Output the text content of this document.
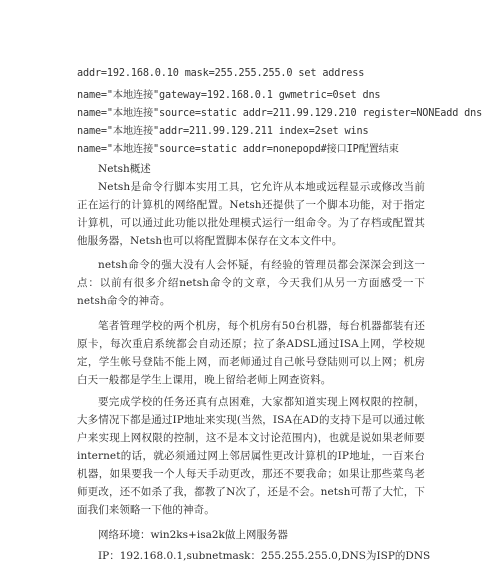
addr=192.168.0.10 mask=255.255.255.0 set address
name="本地连接"gateway=192.168.0.1 gwmetric=0set dns
name="本地连接"source=static addr=211.99.129.210 register=NONEadd dns
name="本地连接"addr=211.99.129.211 index=2set wins
name="本地连接"source=static addr=nonepopd#接口IP配置结束
Netsh概述
Netsh是命令行脚本实用工具，它允许从本地或远程显示或修改当前正在运行的计算机的网络配置。Netsh还提供了一个脚本功能，对于指定计算机，可以通过此功能以批处理模式运行一组命令。为了存档或配置其他服务器，Netsh也可以将配置脚本保存在文本文件中。
netsh命令的强大没有人会怀疑，有经验的管理员都会深深会到这一点：以前有很多介绍netsh命令的文章，今天我们从另一方面感受一下netsh命令的神奇。
笔者管理学校的两个机房，每个机房有50台机器，每台机器都装有还原卡，每次重启系统都会自动还原；拉了条ADSL通过ISA上网，学校规定，学生帐号登陆不能上网，而老师通过自己帐号登陆则可以上网；机房白天一般都是学生上课用，晚上留给老师上网查资料。
要完成学校的任务还真有点困难，大家都知道实现上网权限的控制，大多情况下都是通过IP地址来实现(当然，ISA在AD的支持下是可以通过帐户来实现上网权限的控制，这不是本文讨论范围内)，也就是说如果老师要internet的话，就必须通过网上邻居属性更改计算机的IP地址，一百来台机器，如果要我一个人每天手动更改，那还不要我命；如果让那些菜鸟老师更改，还不如杀了我，都教了N次了，还是不会。netsh可帮了大忙，下面我们来领略一下他的神奇。
网络环境：win2ks+isa2k做上网服务器
IP：192.168.0.1,subnetmask：255.255.255.0,DNS为ISP的DNS
